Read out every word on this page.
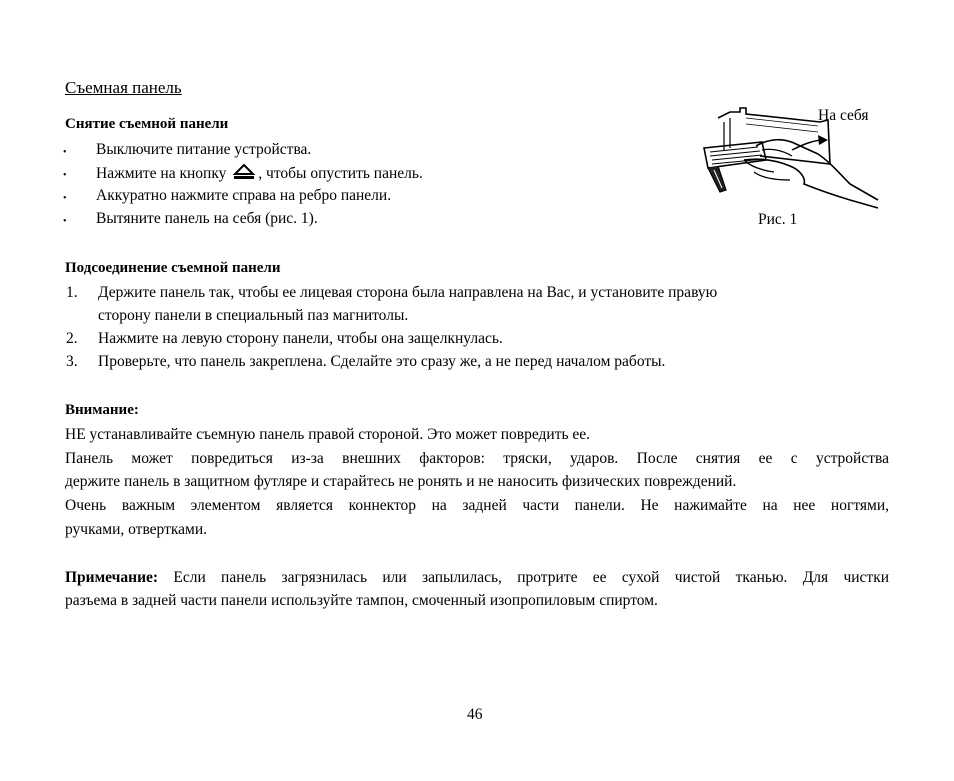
Съемная панель
Снятие съемной панели
• Выключите питание устройства.
• Нажмите на кнопку , чтобы опустить панель.
• Аккуратно нажмите справа на ребро панели.
• Вытяните панель на себя (рис. 1).
На себя
Рис. 1
Подсоединение съемной панели
1. Держите панель так, чтобы ее лицевая сторона была направлена на Вас, и установите правую
сторону панели в специальный паз магнитолы.
2. Нажмите на левую сторону панели, чтобы она защелкнулась.
3. Проверьте, что панель закреплена. Сделайте это сразу же, а не перед началом работы.
Внимание:
НЕ устанавливайте съемную панель правой стороной. Это может повредить ее.
Панель может повредиться из-за внешних факторов: тряски, ударов. После снятия ее с устройства
держите панель в защитном футляре и старайтесь не ронять и не наносить физических повреждений.
Очень важным элементом является коннектор на задней части панели. Не нажимайте на нее ногтями,
ручками, отвертками.
Примечание: Если панель загрязнилась или запылилась, протрите ее сухой чистой тканью. Для чистки
разъема в задней части панели используйте тампон, смоченный изопропиловым спиртом.
46
